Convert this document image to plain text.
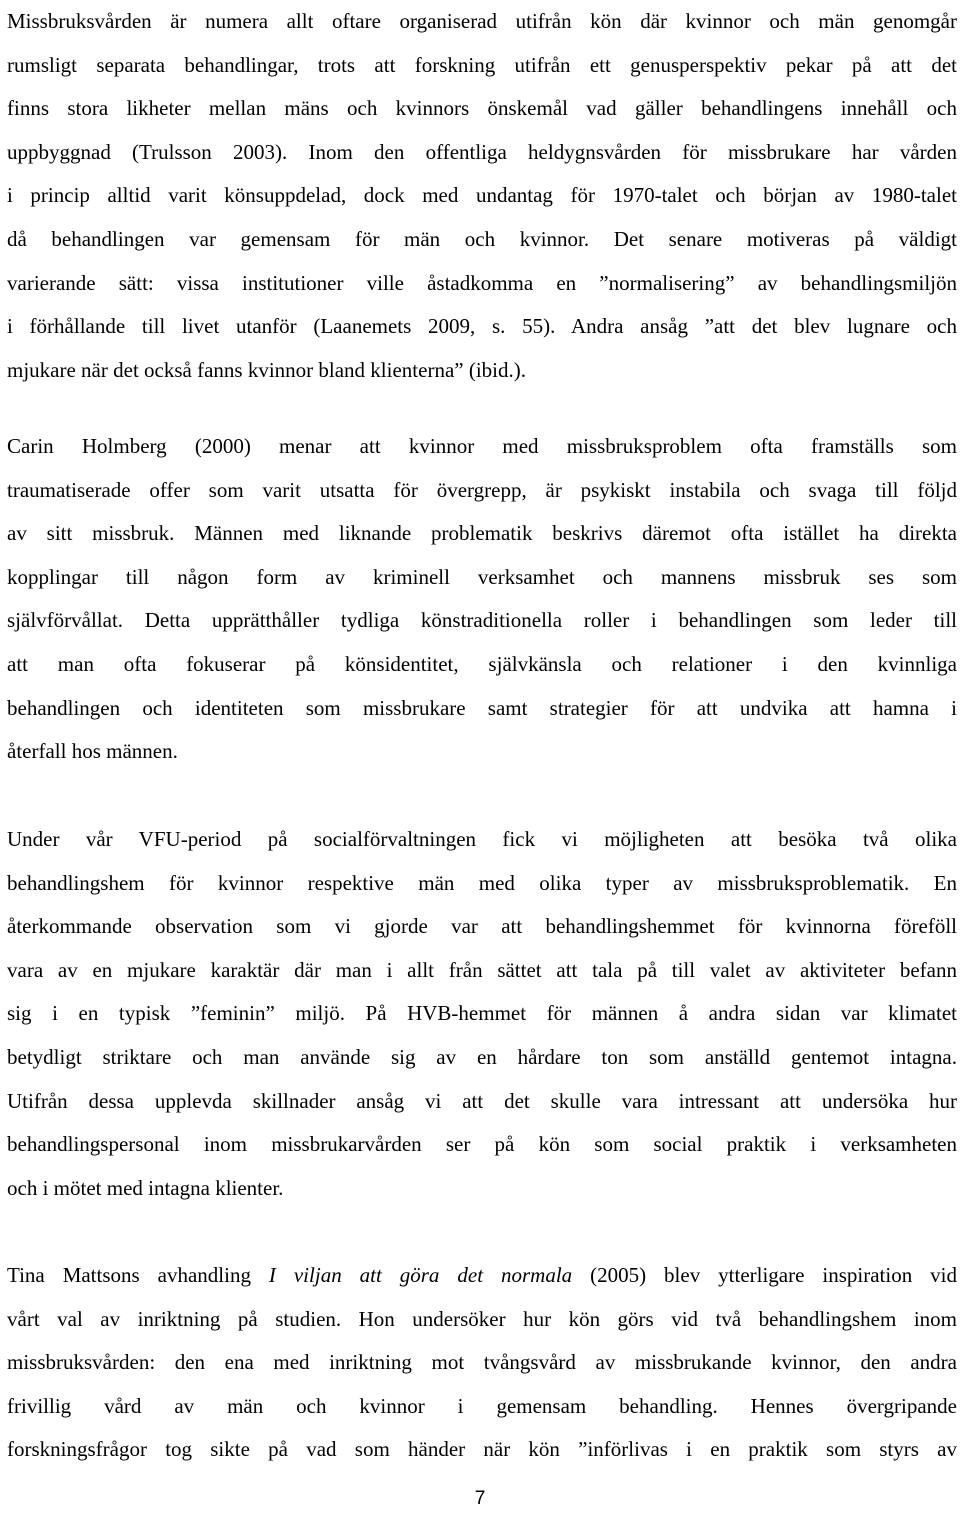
Missbruksvården är numera allt oftare organiserad utifrån kön där kvinnor och män genomgår
rumsligt separata behandlingar, trots att forskning utifrån ett genusperspektiv pekar på att det
finns stora likheter mellan mäns och kvinnors önskemål vad gäller behandlingens innehåll och
uppbyggnad (Trulsson 2003). Inom den offentliga heldygnsvården för missbrukare har vården
i princip alltid varit könsuppdelad, dock med undantag för 1970-talet och början av 1980-talet
då behandlingen var gemensam för män och kvinnor. Det senare motiveras på väldigt
varierande sätt: vissa institutioner ville åstadkomma en ”normalisering” av behandlingsmiljön
i förhållande till livet utanför (Laanemets 2009, s. 55). Andra ansåg ”att det blev lugnare och
mjukare när det också fanns kvinnor bland klienterna” (ibid.).
Carin Holmberg (2000) menar att kvinnor med missbruksproblem ofta framställs som
traumatiserade offer som varit utsatta för övergrepp, är psykiskt instabila och svaga till följd
av sitt missbruk. Männen med liknande problematik beskrivs däremot ofta istället ha direkta
kopplingar till någon form av kriminell verksamhet och mannens missbruk ses som
självförvållat. Detta upprätthåller tydliga könstraditionella roller i behandlingen som leder till
att man ofta fokuserar på könsidentitet, självkänsla och relationer i den kvinnliga
behandlingen och identiteten som missbrukare samt strategier för att undvika att hamna i
återfall hos männen.
Under vår VFU-period på socialförvaltningen fick vi möjligheten att besöka två olika
behandlingshem för kvinnor respektive män med olika typer av missbruksproblematik. En
återkommande observation som vi gjorde var att behandlingshemmet för kvinnorna föreföll
vara av en mjukare karaktär där man i allt från sättet att tala på till valet av aktiviteter befann
sig i en typisk ”feminin” miljö. På HVB-hemmet för männen å andra sidan var klimatet
betydligt striktare och man använde sig av en hårdare ton som anställd gentemot intagna.
Utifrån dessa upplevda skillnader ansåg vi att det skulle vara intressant att undersöka hur
behandlingspersonal inom missbrukarvården ser på kön som social praktik i verksamheten
och i mötet med intagna klienter.
Tina Mattsons avhandling I viljan att göra det normala (2005) blev ytterligare inspiration vid
vårt val av inriktning på studien. Hon undersöker hur kön görs vid två behandlingshem inom
missbruksvården: den ena med inriktning mot tvångsvård av missbrukande kvinnor, den andra
frivillig vård av män och kvinnor i gemensam behandling. Hennes övergripande
forskningsfrågor tog sikte på vad som händer när kön ”införlivas i en praktik som styrs av
7
